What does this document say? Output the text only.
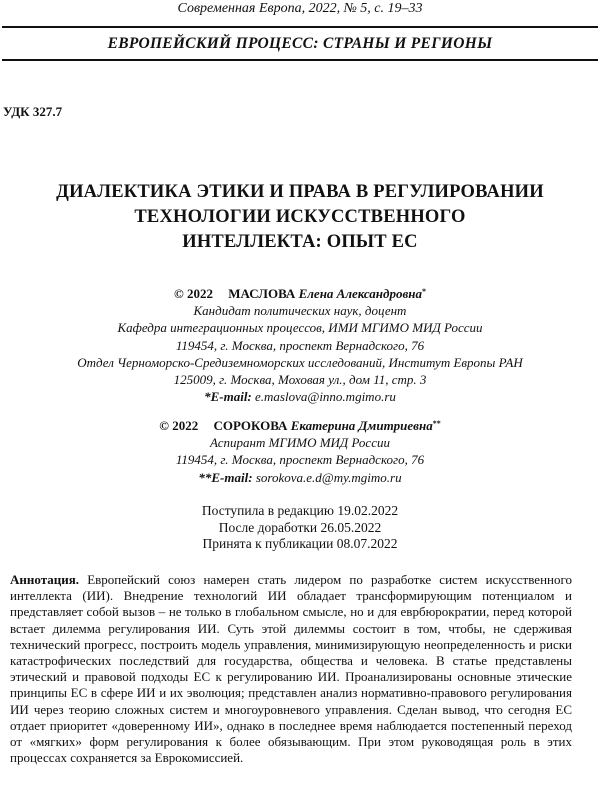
Современная Европа, 2022, № 5, с. 19–33
ЕВРОПЕЙСКИЙ ПРОЦЕСС: СТРАНЫ И РЕГИОНЫ
УДК 327.7
ДИАЛЕКТИКА ЭТИКИ И ПРАВА В РЕГУЛИРОВАНИИ
ТЕХНОЛОГИИ ИСКУССТВЕННОГО
ИНТЕЛЛЕКТА: ОПЫТ ЕС
© 2022 МАСЛОВА Елена Александровна*
Кандидат политических наук, доцент
Кафедра интеграционных процессов, ИМИ МГИМО МИД России
119454, г. Москва, проспект Вернадского, 76
Отдел Черноморско-Средиземноморских исследований, Институт Европы РАН
125009, г. Москва, Моховая ул., дом 11, стр. 3
*E-mail: e.maslova@inno.mgimo.ru
© 2022 СОРОКОВА Екатерина Дмитриевна**
Аспирант МГИМО МИД России
119454, г. Москва, проспект Вернадского, 76
**E-mail: sorokova.e.d@my.mgimo.ru
Поступила в редакцию 19.02.2022
После доработки 26.05.2022
Принята к публикации 08.07.2022
Аннотация. Европейский союз намерен стать лидером по разработке систем искусственного интеллекта (ИИ). Внедрение технологий ИИ обладает трансформирующим потенциалом и представляет собой вызов – не только в глобальном смысле, но и для еврбюрократии, перед которой встает дилемма регулирования ИИ. Суть этой дилеммы состоит в том, чтобы, не сдерживая технический прогресс, построить модель управления, минимизирующую неопределенность и риски катастрофических последствий для государства, общества и человека. В статье представлены этический и правовой подходы ЕС к регулированию ИИ. Проанализированы основные этические принципы ЕС в сфере ИИ и их эволюция; представлен анализ нормативно-правового регулирования ИИ через теорию сложных систем и многоуровневого управления. Сделан вывод, что сегодня ЕС отдает приоритет «доверенному ИИ», однако в последнее время наблюдается постепенный переход от «мягких» форм регулирования к более обязывающим. При этом руководящая роль в этих процессах сохраняется за Еврокомиссией.
